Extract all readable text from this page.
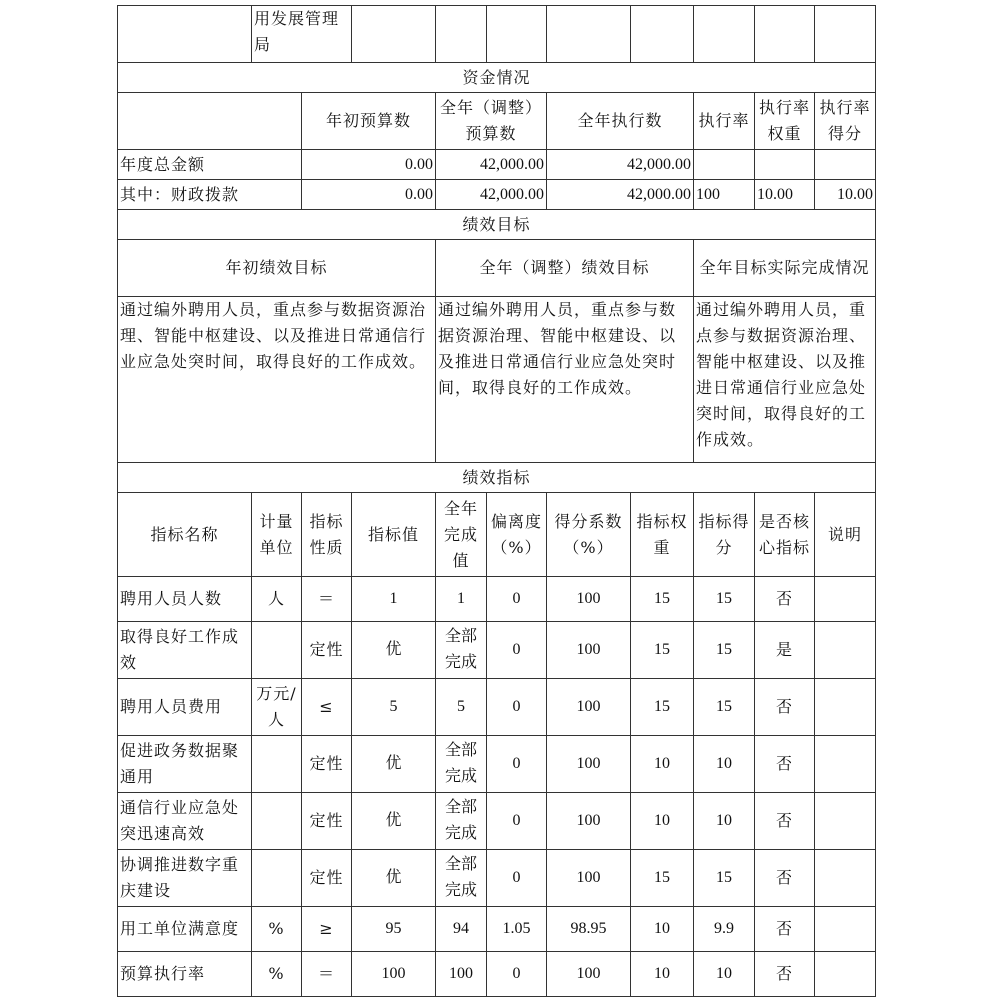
	用发展管理局									
资金情况										
		年初预算数		全年（调整）预算数		全年执行数		执行率	执行率权重	执行率得分
年度总金额		0.00		42,000.00		42,000.00				
其中：财政拨款		0.00		42,000.00		42,000.00		100	10.00	10.00
绩效目标										
年初绩效目标				全年（调整）绩效目标				全年目标实际完成情况		
通过编外聘用人员，重点参与数据资源治理、智能中枢建设、以及推进日常通信行业应急处突时间，取得良好的工作成效。				通过编外聘用人员，重点参与数据资源治理、智能中枢建设、以及推进日常通信行业应急处突时间，取得良好的工作成效。				通过编外聘用人员，重点参与数据资源治理、智能中枢建设、以及推进日常通信行业应急处突时间，取得良好的工作成效。		
绩效指标										
指标名称	计量单位	指标性质	指标值	全年完成值	偏离度（%）	得分系数（%）	指标权重	指标得分	是否核心指标	说明
聘用人员人数	人	＝	1	1	0	100	15	15	否	
取得良好工作成效		定性	优	全部完成	0	100	15	15	是	
聘用人员费用	万元/人	≤	5	5	0	100	15	15	否	
促进政务数据聚通用		定性	优	全部完成	0	100	10	10	否	
通信行业应急处突迅速高效		定性	优	全部完成	0	100	10	10	否	
协调推进数字重庆建设		定性	优	全部完成	0	100	15	15	否	
用工单位满意度	%	≥	95	94	1.05	98.95	10	9.9	否	
预算执行率	%	＝	100	100	0	100	10	10	否	
